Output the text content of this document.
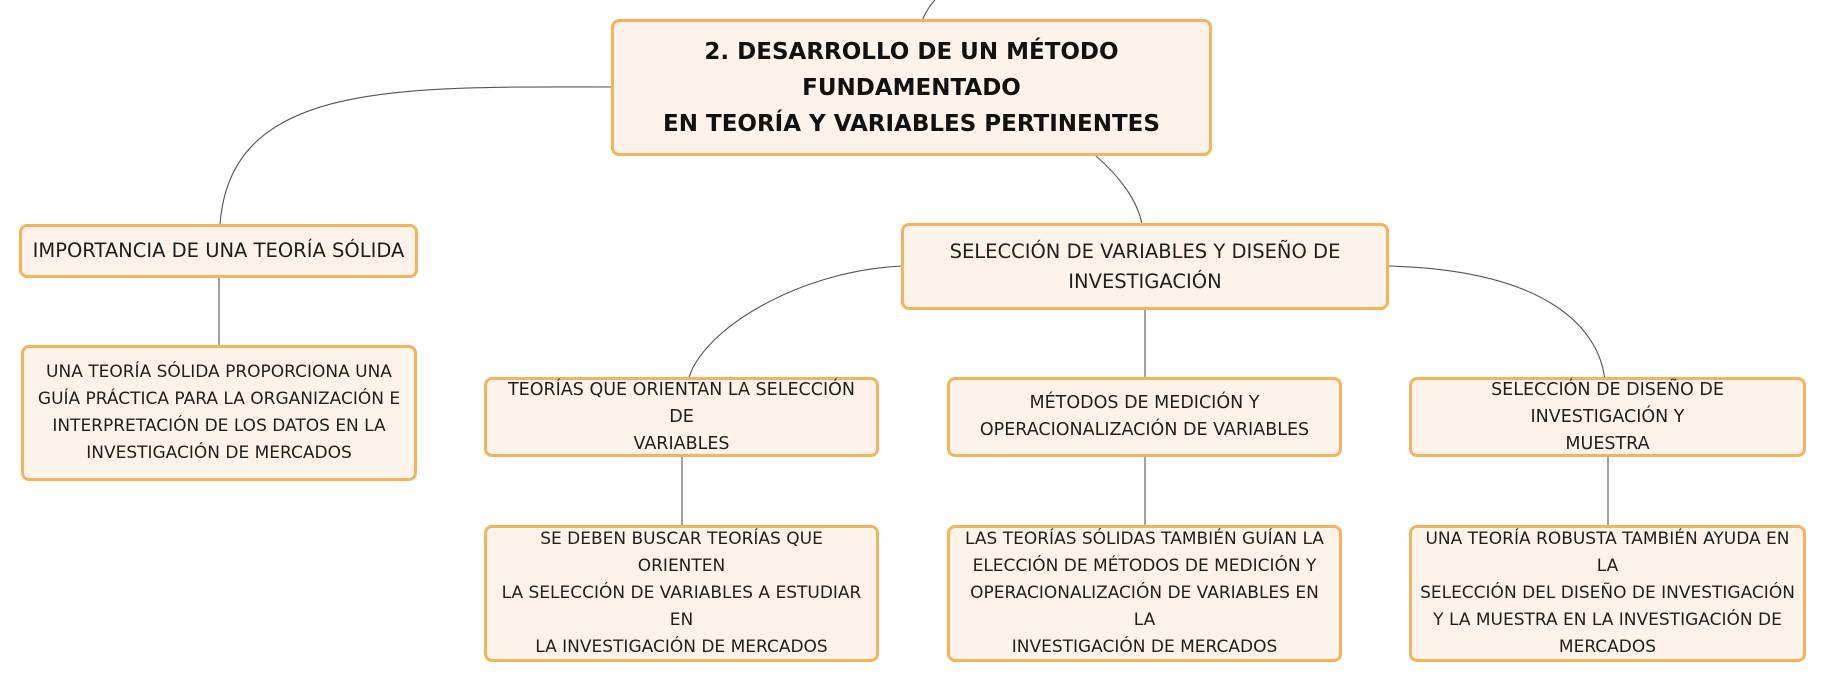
2. DESARROLLO DE UN MÉTODO FUNDAMENTADO
EN TEORÍA Y VARIABLES PERTINENTES
IMPORTANCIA DE UNA TEORÍA SÓLIDA	SELECCIÓN DE VARIABLES Y DISEÑO DE
INVESTIGACIÓN
UNA TEORÍA SÓLIDA PROPORCIONA UNA
GUÍA PRÁCTICA PARA LA ORGANIZACIÓN E
INTERPRETACIÓN DE LOS DATOS EN LA
INVESTIGACIÓN DE MERCADOS
TEORÍAS QUE ORIENTAN LA SELECCIÓN DE
VARIABLES
MÉTODOS DE MEDICIÓN Y
OPERACIONALIZACIÓN DE VARIABLES
SELECCIÓN DE DISEÑO DE INVESTIGACIÓN Y
MUESTRA
SE DEBEN BUSCAR TEORÍAS QUE ORIENTEN
LA SELECCIÓN DE VARIABLES A ESTUDIAR EN
LA INVESTIGACIÓN DE MERCADOS
LAS TEORÍAS SÓLIDAS TAMBIÉN GUÍAN LA
ELECCIÓN DE MÉTODOS DE MEDICIÓN Y
OPERACIONALIZACIÓN DE VARIABLES EN LA
INVESTIGACIÓN DE MERCADOS
UNA TEORÍA ROBUSTA TAMBIÉN AYUDA EN LA
SELECCIÓN DEL DISEÑO DE INVESTIGACIÓN
Y LA MUESTRA EN LA INVESTIGACIÓN DE
MERCADOS
